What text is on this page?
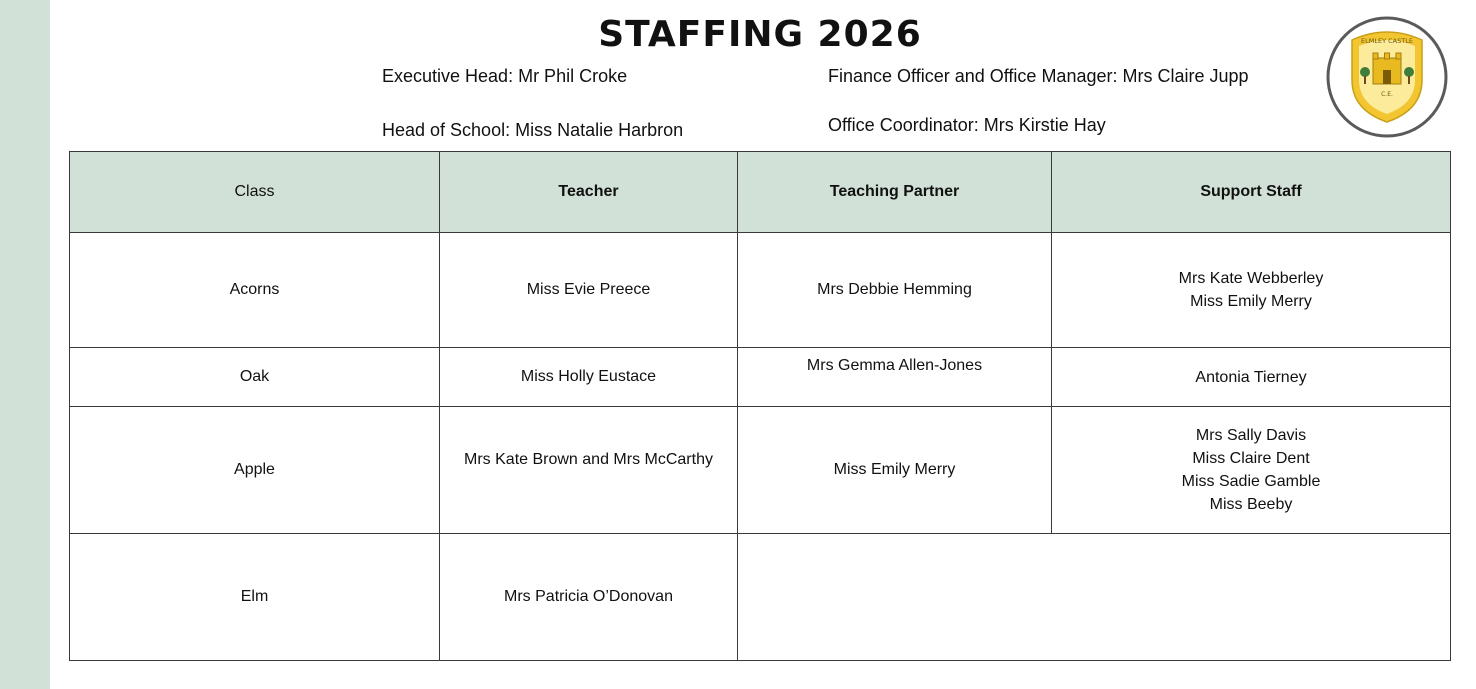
STAFFING 2026
Executive Head: Mr Phil Croke
Head of School: Miss Natalie Harbron
Finance Officer and Office Manager: Mrs Claire Jupp
Office Coordinator: Mrs Kirstie Hay
ELMLEY CASTLE
C.E.
Class	Teacher	Teaching Partner	Support Staff
Acorns	Miss Evie Preece	Mrs Debbie Hemming	Mrs Kate Webberley
Miss Emily Merry

Oak	Miss Holly Eustace	Mrs Gemma Allen-Jones	Antonia Tierney

Apple	Mrs Kate Brown and Mrs McCarthy	Miss Emily Merry	Mrs Sally Davis
Miss Claire Dent
Miss Sadie Gamble
Miss Beeby

Elm	Mrs Patricia O’Donovan		
